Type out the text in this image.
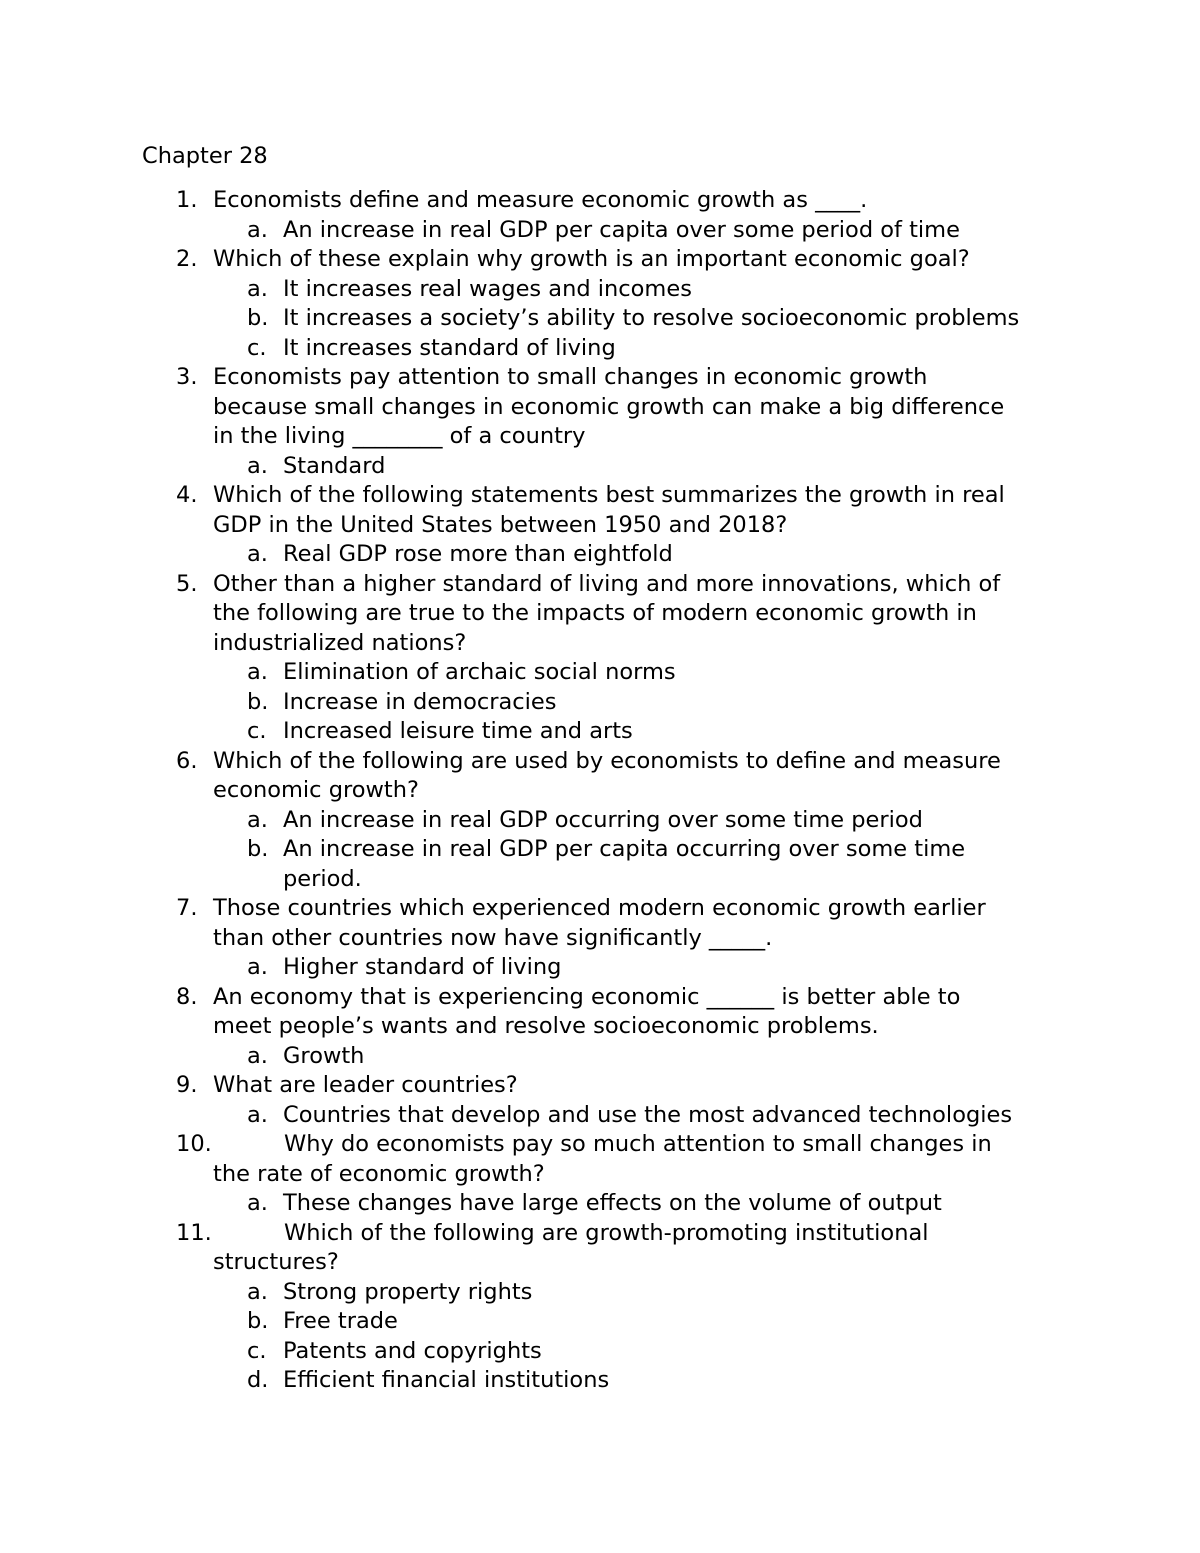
Chapter 28
1. Economists define and measure economic growth as ____.
a. An increase in real GDP per capita over some period of time
2. Which of these explain why growth is an important economic goal?
a. It increases real wages and incomes
b. It increases a society’s ability to resolve socioeconomic problems
c. It increases standard of living
3. Economists pay attention to small changes in economic growth
because small changes in economic growth can make a big difference
in the living ________ of a country
a. Standard
4. Which of the following statements best summarizes the growth in real
GDP in the United States between 1950 and 2018?
a. Real GDP rose more than eightfold
5. Other than a higher standard of living and more innovations, which of
the following are true to the impacts of modern economic growth in
industrialized nations?
a. Elimination of archaic social norms
b. Increase in democracies
c. Increased leisure time and arts
6. Which of the following are used by economists to define and measure
economic growth?
a. An increase in real GDP occurring over some time period
b. An increase in real GDP per capita occurring over some time
period.
7. Those countries which experienced modern economic growth earlier
than other countries now have significantly _____.
a. Higher standard of living
8. An economy that is experiencing economic ______ is better able to
meet people’s wants and resolve socioeconomic problems.
a. Growth
9. What are leader countries?
a. Countries that develop and use the most advanced technologies
10.	Why do economists pay so much attention to small changes in
the rate of economic growth?
a. These changes have large effects on the volume of output
11.	Which of the following are growth-promoting institutional
structures?
a. Strong property rights
b. Free trade
c. Patents and copyrights
d. Efficient financial institutions
